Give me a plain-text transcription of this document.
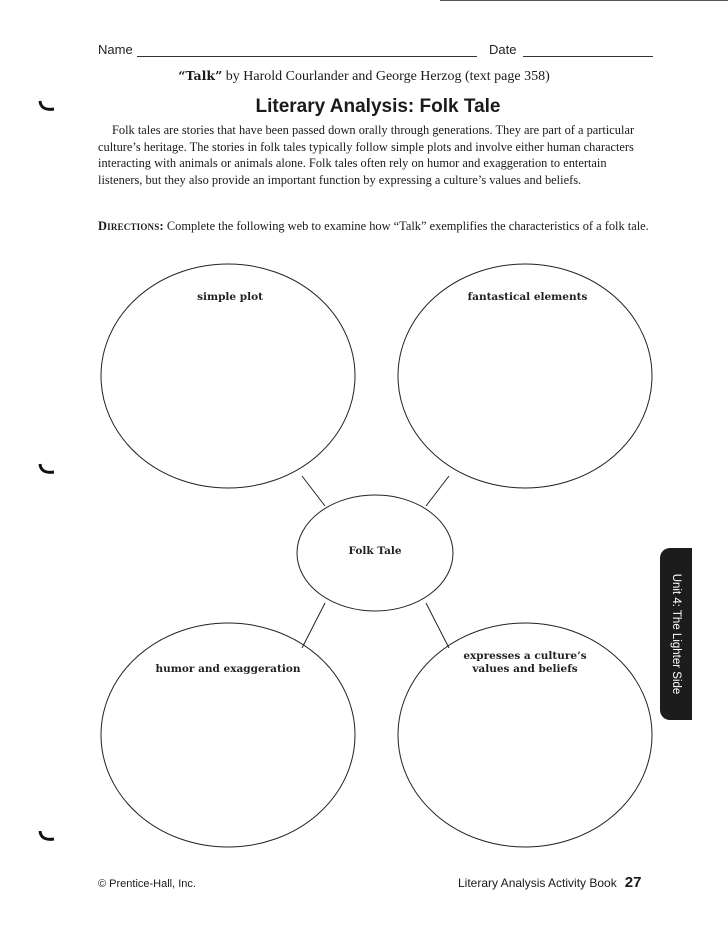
Name	Date
“Talk” by Harold Courlander and George Herzog (text page 358)
Literary Analysis: Folk Tale
Folk tales are stories that have been passed down orally through generations. They are part of a particular culture’s heritage. The stories in folk tales typically follow simple plots and involve either human characters interacting with animals or animals alone. Folk tales often rely on humor and exaggeration to entertain listeners, but they also provide an important function by expressing a culture’s values and beliefs.
Directions: Complete the following web to examine how “Talk” exemplifies the characteristics of a folk tale.
simple plot	fantastical elements
Folk Tale
humor and exaggeration
expresses a culture’s
values and beliefs	Unit 4: The Lighter Side
© Prentice-Hall, Inc.	Literary Analysis Activity Book 27
